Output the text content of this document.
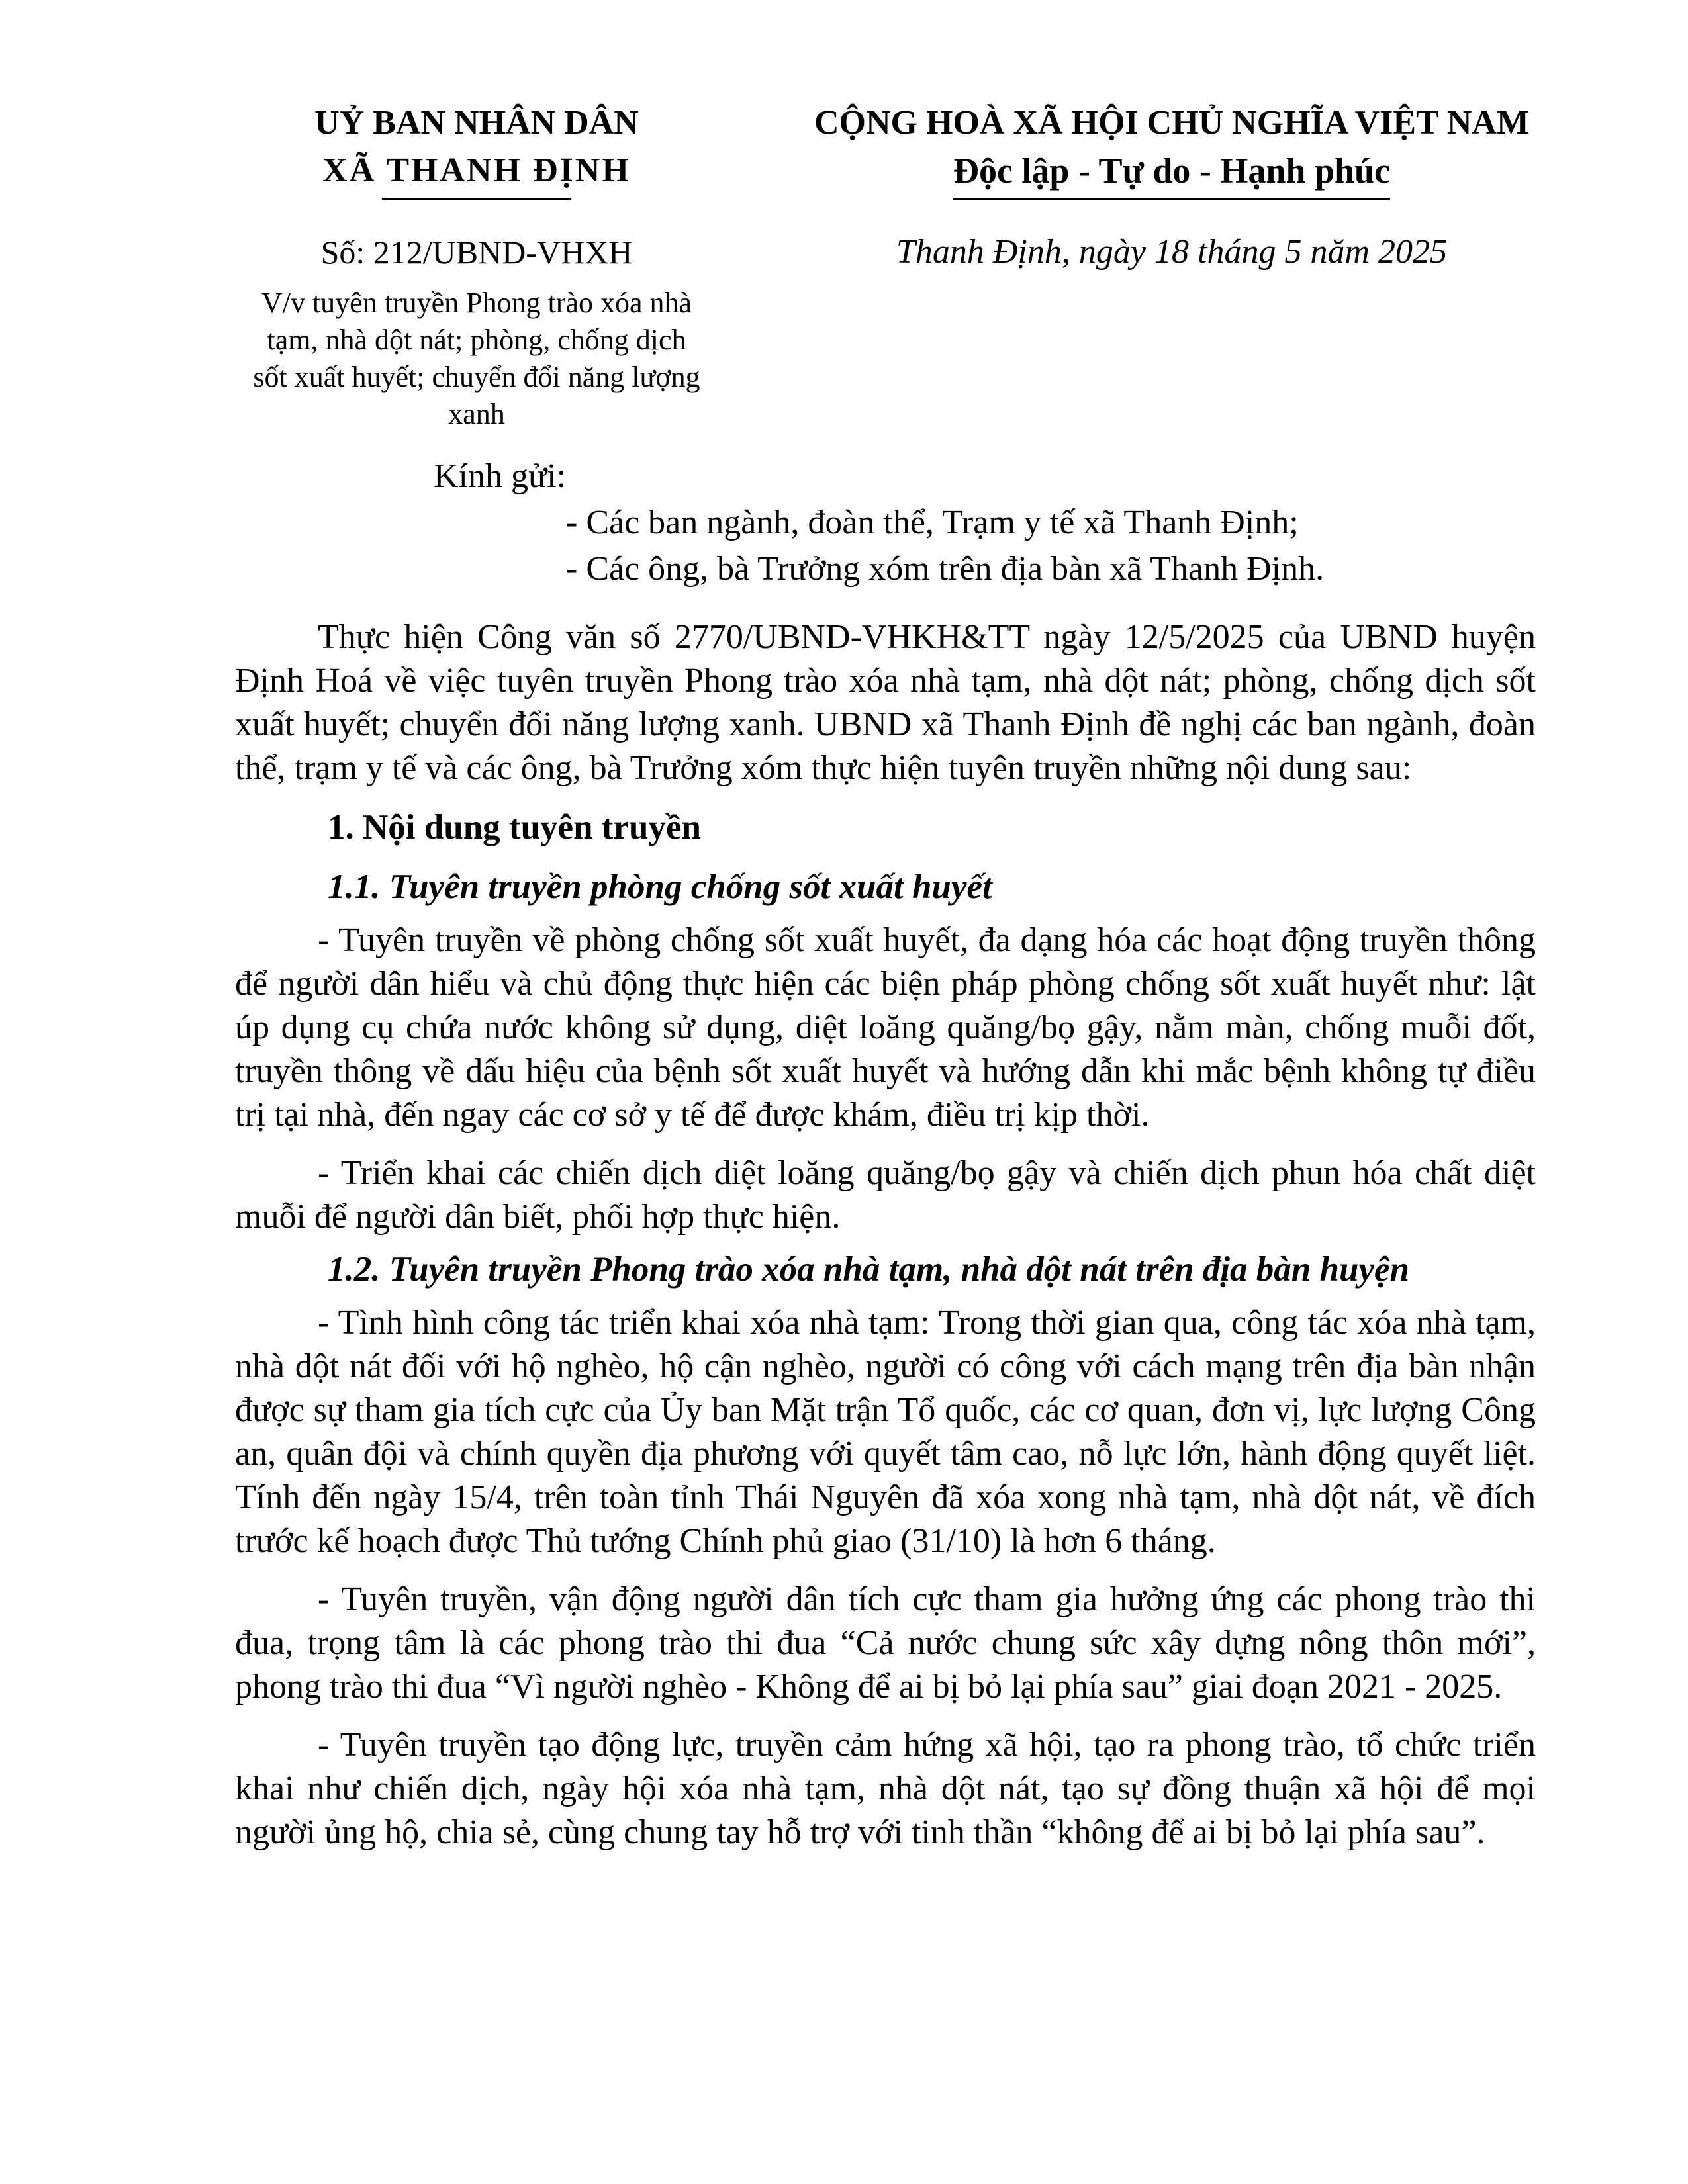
UỶ BAN NHÂN DÂN
XÃ THANH ĐỊNH
Số: 212/UBND-VHXH
V/v tuyên truyền Phong trào xóa nhà tạm, nhà dột nát; phòng, chống dịch sốt xuất huyết; chuyển đổi năng lượng xanh
CỘNG HOÀ XÃ HỘI CHỦ NGHĨA VIỆT NAM
Độc lập - Tự do - Hạnh phúc
Thanh Định, ngày 18 tháng 5 năm 2025
Kính gửi:
- Các ban ngành, đoàn thể, Trạm y tế xã Thanh Định;
- Các ông, bà Trưởng xóm trên địa bàn xã Thanh Định.

Thực hiện Công văn số 2770/UBND-VHKH&TT ngày 12/5/2025 của UBND huyện Định Hoá về việc tuyên truyền Phong trào xóa nhà tạm, nhà dột nát; phòng, chống dịch sốt xuất huyết; chuyển đổi năng lượng xanh. UBND xã Thanh Định đề nghị các ban ngành, đoàn thể, trạm y tế và các ông, bà Trưởng xóm thực hiện tuyên truyền những nội dung sau:

1. Nội dung tuyên truyền
1.1. Tuyên truyền phòng chống sốt xuất huyết

- Tuyên truyền về phòng chống sốt xuất huyết, đa dạng hóa các hoạt động truyền thông để người dân hiểu và chủ động thực hiện các biện pháp phòng chống sốt xuất huyết như: lật úp dụng cụ chứa nước không sử dụng, diệt loăng quăng/bọ gậy, nằm màn, chống muỗi đốt, truyền thông về dấu hiệu của bệnh sốt xuất huyết và hướng dẫn khi mắc bệnh không tự điều trị tại nhà, đến ngay các cơ sở y tế để được khám, điều trị kịp thời.

- Triển khai các chiến dịch diệt loăng quăng/bọ gậy và chiến dịch phun hóa chất diệt muỗi để người dân biết, phối hợp thực hiện.

1.2. Tuyên truyền Phong trào xóa nhà tạm, nhà dột nát trên địa bàn huyện

- Tình hình công tác triển khai xóa nhà tạm: Trong thời gian qua, công tác xóa nhà tạm, nhà dột nát đối với hộ nghèo, hộ cận nghèo, người có công với cách mạng trên địa bàn nhận được sự tham gia tích cực của Ủy ban Mặt trận Tổ quốc, các cơ quan, đơn vị, lực lượng Công an, quân đội và chính quyền địa phương với quyết tâm cao, nỗ lực lớn, hành động quyết liệt. Tính đến ngày 15/4, trên toàn tỉnh Thái Nguyên đã xóa xong nhà tạm, nhà dột nát, về đích trước kế hoạch được Thủ tướng Chính phủ giao (31/10) là hơn 6 tháng.

- Tuyên truyền, vận động người dân tích cực tham gia hưởng ứng các phong trào thi đua, trọng tâm là các phong trào thi đua “Cả nước chung sức xây dựng nông thôn mới”, phong trào thi đua “Vì người nghèo - Không để ai bị bỏ lại phía sau” giai đoạn 2021 - 2025.

- Tuyên truyền tạo động lực, truyền cảm hứng xã hội, tạo ra phong trào, tổ chức triển khai như chiến dịch, ngày hội xóa nhà tạm, nhà dột nát, tạo sự đồng thuận xã hội để mọi người ủng hộ, chia sẻ, cùng chung tay hỗ trợ với tinh thần “không để ai bị bỏ lại phía sau”.
